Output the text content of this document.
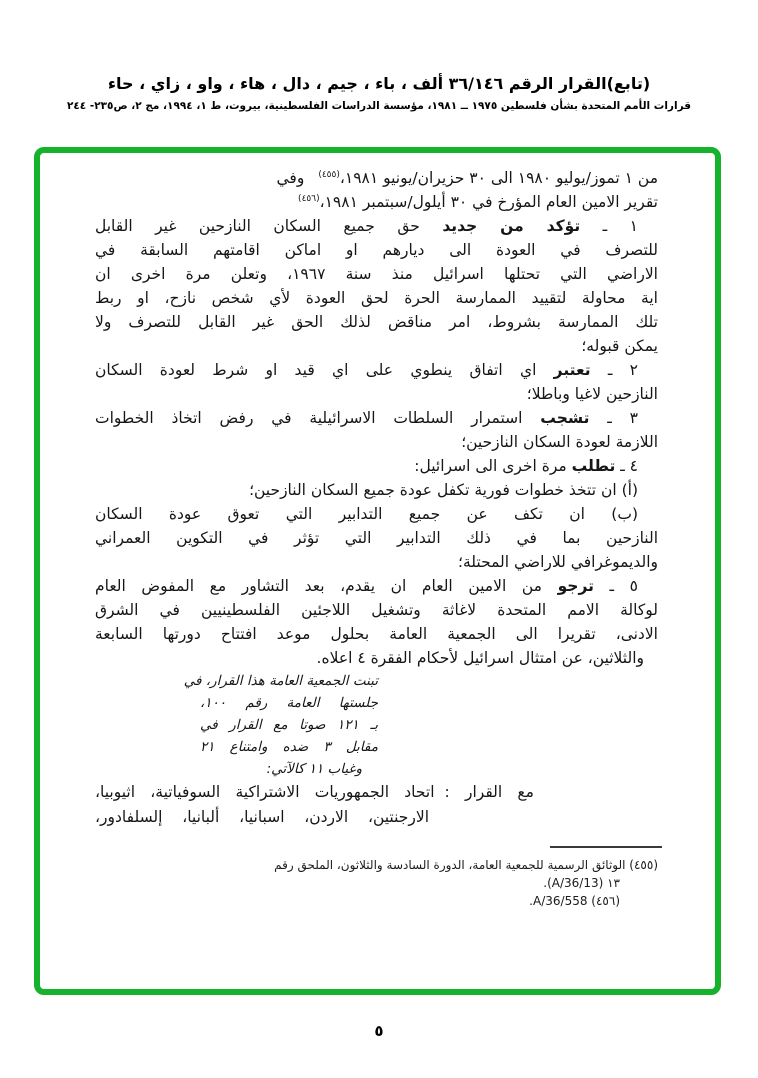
(تابع)القرار الرقم ٣٦/١٤٦ ألف ، باء ، جيم ، دال ، هاء ، واو ، زاي ، حاء
قرارات الأمم المتحدة بشأن فلسطين ١٩٧٥ ــ ١٩٨١، مؤسسة الدراسات الفلسطينية، بيروت، ط ١، ١٩٩٤، مج ٢، ص٢٣٥- ٢٤٤
من ١ تموز/يوليو ١٩٨٠ الى ٣٠ حزيران/يونيو ١٩٨١،$^{(٤٥٥)}$وفي
تقرير الامين العام المؤرخ في ٣٠ أيلول/سبتمبر ١٩٨١،$^{(٤٥٦)}$
١ ـ تؤكد من جديد حق جميع السكان النازحين غير القابل
للتصرف في العودة الى ديارهم او اماكن اقامتهم السابقة في
الاراضي التي تحتلها اسرائيل منذ سنة ١٩٦٧، وتعلن مرة اخرى ان
اية محاولة لتقييد الممارسة الحرة لحق العودة لأي شخص نازح، او ربط
تلك الممارسة بشروط، امر مناقض لذلك الحق غير القابل للتصرف ولا
يمكن قبوله؛
٢ ـ تعتبر اي اتفاق ينطوي على اي قيد او شرط لعودة السكان
النازحين لاغيا وباطلا؛
٣ ـ تشجب استمرار السلطات الاسرائيلية في رفض اتخاذ الخطوات
اللازمة لعودة السكان النازحين؛
٤ ـ تطلب مرة اخرى الى اسرائيل:
(أ) ان تتخذ خطوات فورية تكفل عودة جميع السكان النازحين؛
(ب) ان تكف عن جميع التدابير التي تعوق عودة السكان
النازحين بما في ذلك التدابير التي تؤثر في التكوين العمراني
والديموغرافي للاراضي المحتلة؛
٥ ـ ترجو من الامين العام ان يقدم، بعد التشاور مع المفوض العام
لوكالة الامم المتحدة لاغاثة وتشغيل اللاجئين الفلسطينيين في الشرق
الادنى، تقريرا الى الجمعية العامة بحلول موعد افتتاح دورتها السابعة
والثلاثين، عن امتثال اسرائيل لأحكام الفقرة ٤ اعلاه.
تبنت الجمعية العامة هذا القرار، في
جلستها العامة رقم ١٠٠،
بـ ١٢١ صوتا مع القرار في
مقابل ٣ ضده وامتناع ٢١
وغياب ١١ كالآتي:
مع القرار :اتحاد الجمهوريات الاشتراكية السوفياتية، اثيوبيا،
الارجنتين، الاردن، اسبانيا، ألبانيا، إلسلفادور،
(٤٥٥) الوثائق الرسمية للجمعية العامة، الدورة السادسة والثلاثون، الملحق رقم
١٣ (A/36/13).
(٤٥٦) A/36/558.
٥
